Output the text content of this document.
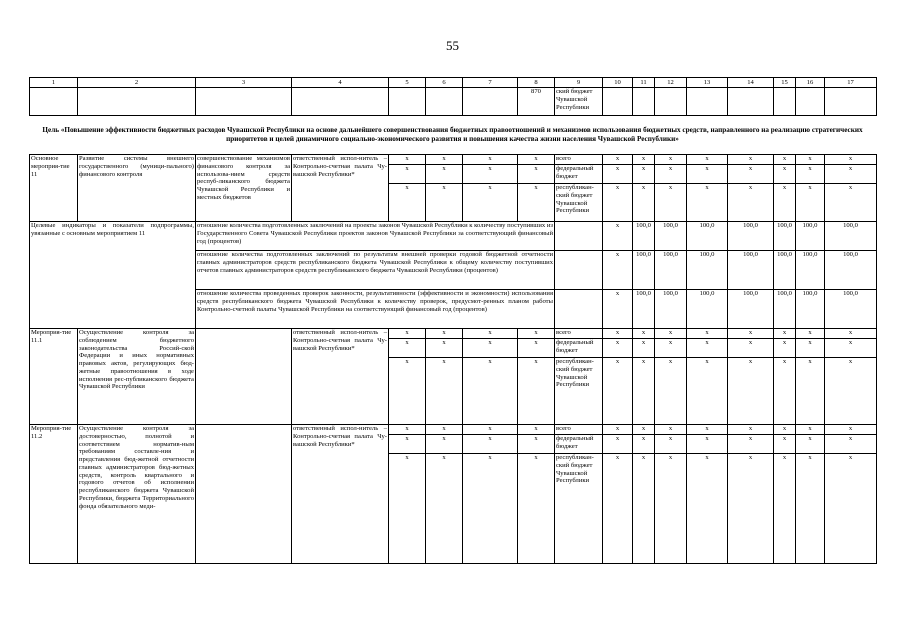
55
1	2	3	4	5	6	7	8	9	10	11	12	13	14	15	16	17
							870	ский бюджет Чувашской Республики								
Цель «Повышение эффективности бюджетных расходов Чувашской Республики на основе дальнейшего совершенствования бюджетных правоотношений и механизмов использования бюджетных средств, направленного на реализацию стратегических приоритетов и целей динамичного социально-экономического развития и повышения качества жизни населения Чувашской Республики»
Основное мероприя-тие 11	Развитие системы внешнего государственного (муници-пального) финансового контроля	совершенствование механизмов финансового контроля за использова-нием средств респуб-ликанского бюджета Чувашской Республики и местных бюджетов	ответственный испол-нитель – Контрольно-счетная палата Чу-вашской Республики*	x	x	x	x	всего	x	x	x	x	x	x	x	x
				x	x	x	x	федеральный бюджет	x	x	x	x	x	x	x	x
				x	x	x	x	республикан-ский бюджет Чувашской Республики	x	x	x	x	x	x	x	x
Целевые индикаторы и показатели подпрограммы, увязанные с основным мероприятием 11		отношение количества подготовленных заключений на проекты законов Чувашской Республики к количеству поступивших из Государственного Совета Чувашской Республики проектов законов Чувашской Республики за соответствующий финансовый год (процентов)							x	100,0	100,0	100,0	100,0	100,0	100,0	100,0
		отношение количества подготовленных заключений по результатам внешней проверки годовой бюджетной отчетности главных администраторов средств республиканского бюджета Чувашской Республики к общему количеству поступивших отчетов главных администраторов средств республиканского бюджета Чувашской Республики (процентов)							x	100,0	100,0	100,0	100,0	100,0	100,0	100,0
		отношение количества проведенных проверок законности, результативности (эффективности и экономности) использования средств республиканского бюджета Чувашской Республики к количеству проверок, предусмот-ренных планом работы Контрольно-счетной палаты Чувашской Республики на соответствующий финансовый год (процентов)							x	100,0	100,0	100,0	100,0	100,0	100,0	100,0
Мероприя-тие 11.1	Осуществление контроля за соблюдением бюджетного законодательства Россий-ской Федерации и иных нормативных правовых актов, регулирующих бюд-жетные правоотношения в ходе исполнения рес-публиканского бюджета Чувашской Республики		ответственный испол-нитель – Контрольно-счетная палата Чу-вашской Республики*	x	x	x	x	всего	x	x	x	x	x	x	x	x
				x	x	x	x	федеральный бюджет	x	x	x	x	x	x	x	x
				x	x	x	x	республикан-ский бюджет Чувашской Республики	x	x	x	x	x	x	x	x
Мероприя-тие 11.2	Осуществление контроля за достоверностью, полнотой и соответствием норматив-ным требованиям составле-ния и представления бюд-жетной отчетности главных администраторов бюд-жетных средств, контроль квартального и годового отчетов об исполнении республиканского бюджета Чувашской Республики, бюджета Территориального фонда обязательного меди-		ответственный испол-нитель – Контрольно-счетная палата Чу-вашской Республики*	x	x	x	x	всего	x	x	x	x	x	x	x	x
				x	x	x	x	федеральный бюджет	x	x	x	x	x	x	x	x
				x	x	x	x	республикан-ский бюджет Чувашской Республики	x	x	x	x	x	x	x	x
